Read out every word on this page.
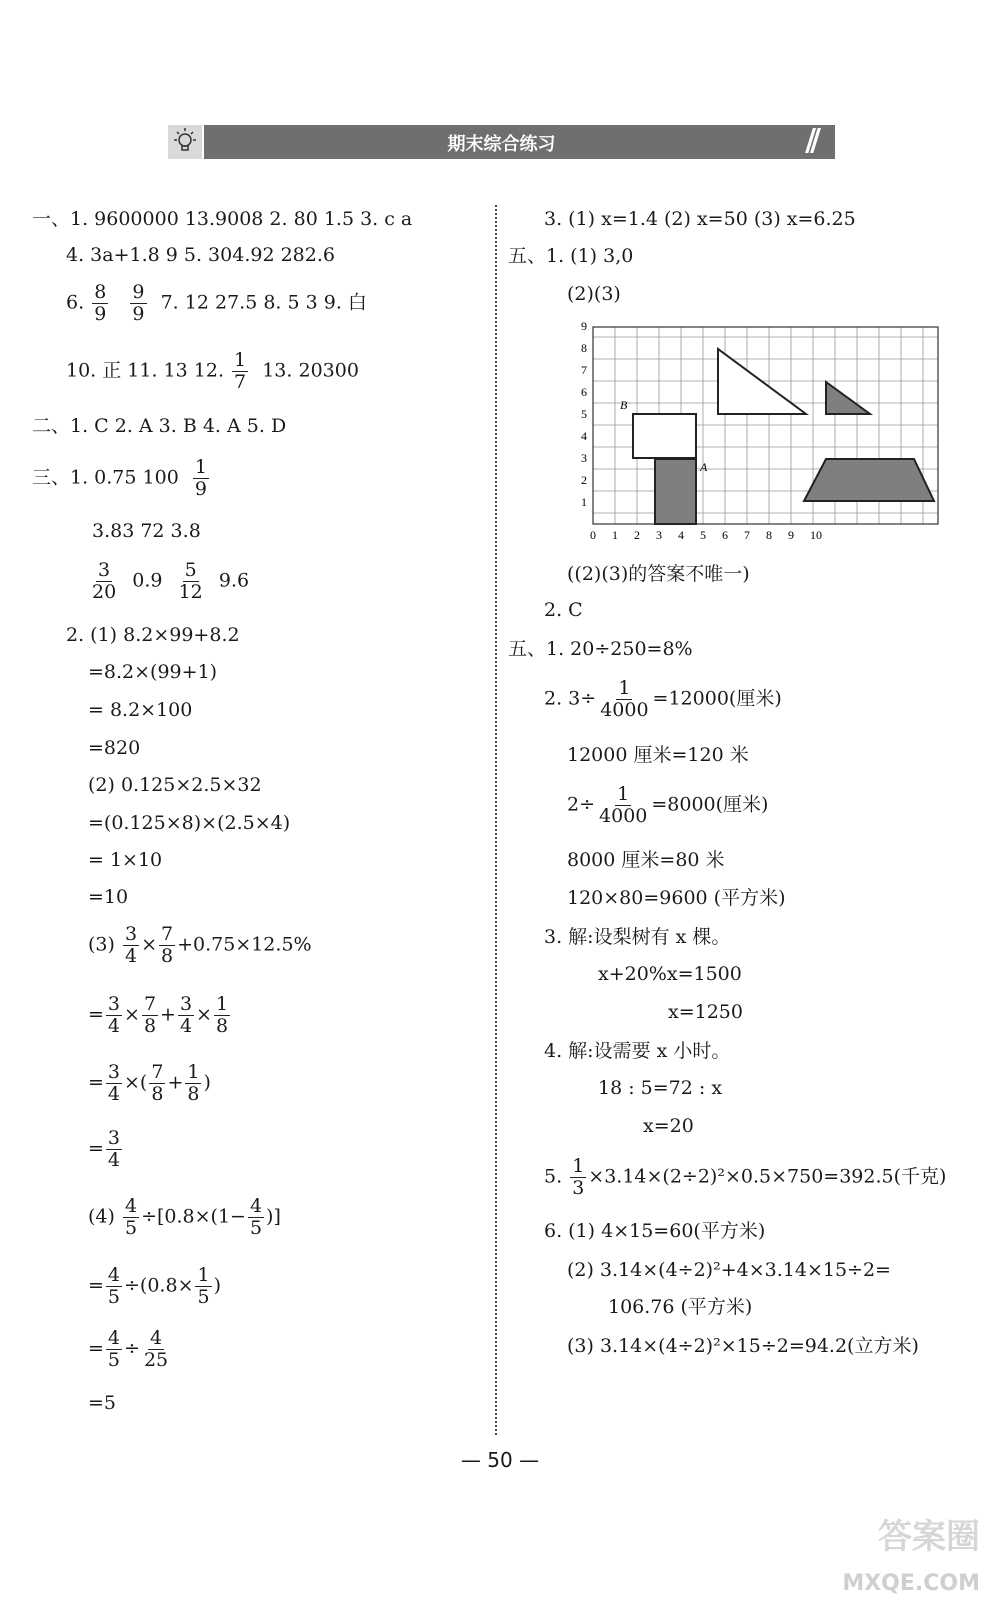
期末综合练习	//
一、1. 9600000 13.9008 2. 80 1.5 3. c a
4. 3a+1.8 9 5. 304.92 282.6
6. $\frac{8}{9}$
$\frac{9}{9} 7$. 12 27.5 8. 5 3 9. 白
10. 正 11. 13 12. $\frac{1}{7} 13$. 20300
二、1. C 2. A 3. B 4. A 5. D
三、1. 0.75 $100 \frac{1}{9}$
3.83 72 3.8
$\frac{3}{20} 0.9 \frac{5}{12} 9.6$
2. (1) 8.2×99+8.2
=8.2×(99+1)
= 8.2×100
=820
(2) 0.125×2.5×32
=(0.125×8)×(2.5×4)
= 1×10
=10
$(3) \frac{3}{4} \times \frac{7}{8} +0.75\times 12.5\%$
= $\frac{3}{4} \times \frac{7}{8} + \frac{3}{4} \times \frac{1}{8}$
= $\frac{3}{4}$ ×( $\frac{7}{8} + \frac{1}{8}$ )
= $\frac{3}{4}$
$(4) \frac{4}{5} \div[0.8\times(1- \frac{4}{5}$ )]
= $\frac{4}{5} \div(0.8\times \frac{1}{5}$ )
= $\frac{4}{5} \div \frac{4}{25}$
=5
3. (1) x=1.4 (2) x=50 (3) x=6.25
五、1. (1) 3,0
(2)(3)
B
A
0 1 2 3 4 5 6 7 8 9 10
1
2
3
4
5
6
7
8
9
((2)(3)的答案不唯一)
2. C
五、1. 20÷250=8%
2. $3\div \frac{1}{4000} =12000$(厘米)
12000 厘米=120 米
$2\div \frac{1}{4000} =8000$(厘米)
8000 厘米=80 米
120×80=9600 (平方米)
3. 解:设梨树有 x 棵。
x+20%x=1500
x=1250
4. 解:设需要 x 小时。
18 : 5=72 : x
x=20
5. $\frac{1}{3} \times 3.14\times(2\div 2)^2\times 0.5\times 750=392.5$(千克)
6. (1) 4×15=60(平方米)
(2) 3.14×(4÷2)²+4×3.14×15÷2=
106.76 (平方米)
(3) 3.14×(4÷2)²×15÷2=94.2(立方米)
— 50 —
答案圈
MXQE.COM
